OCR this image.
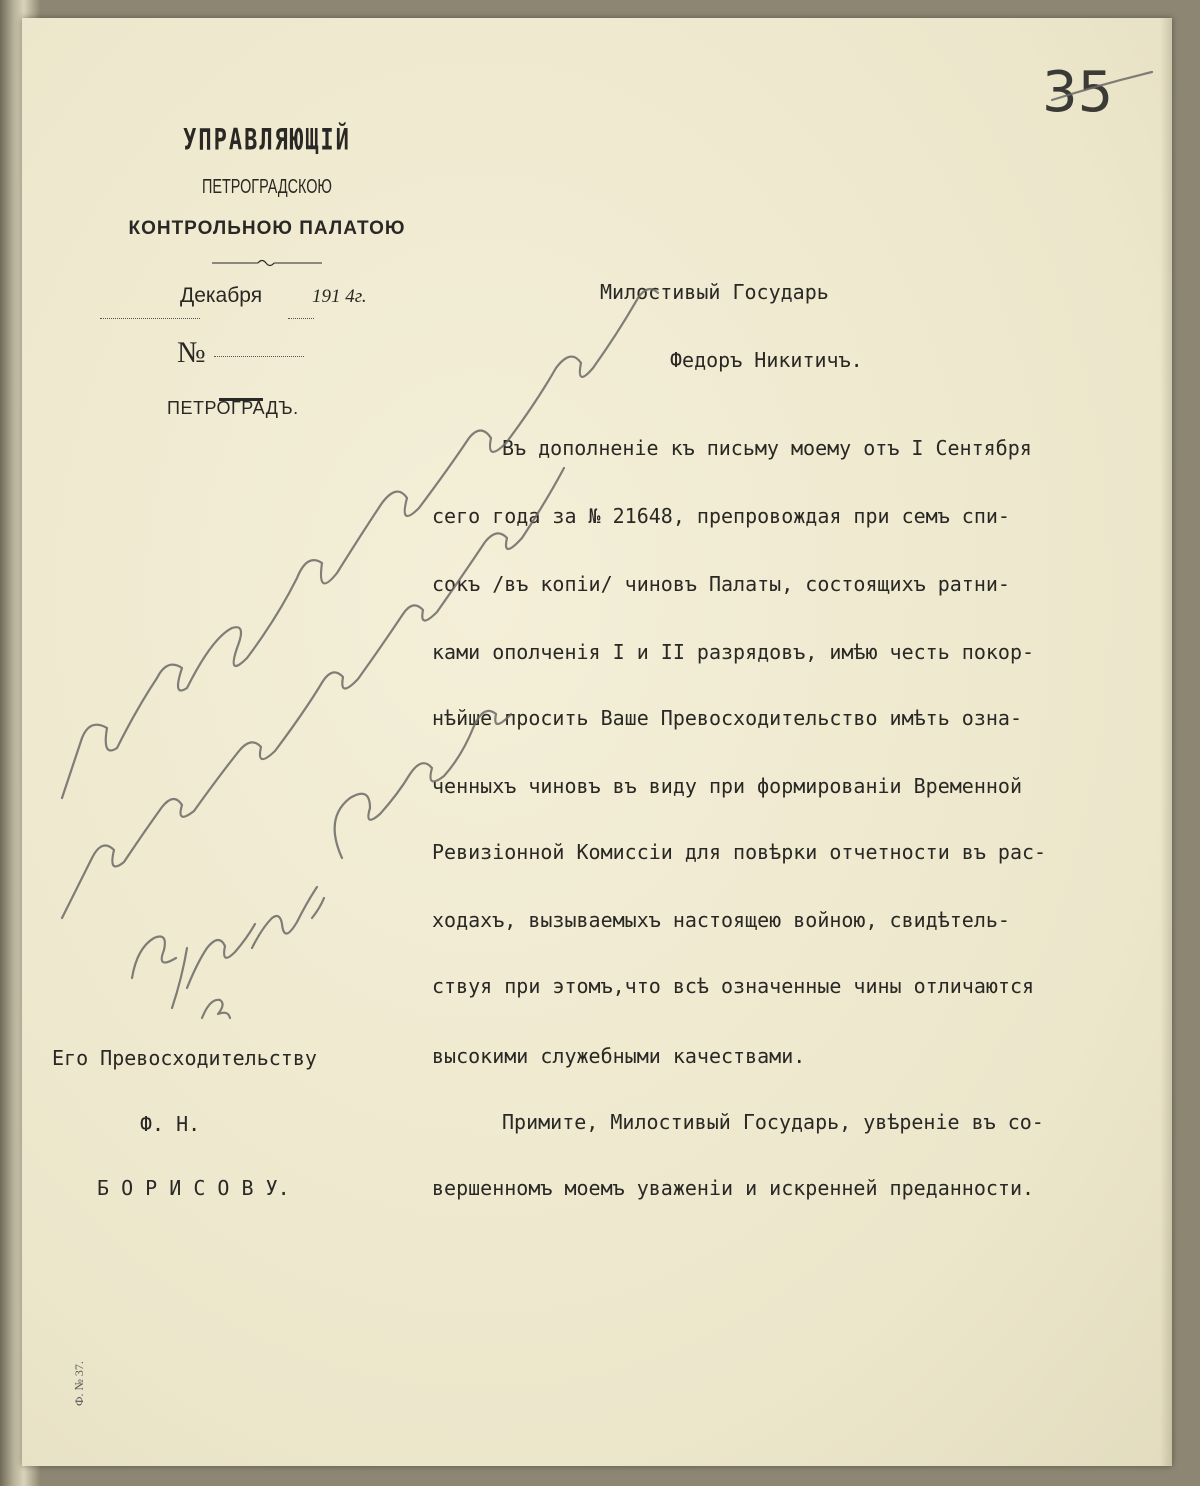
35
УПРАВЛЯЮЩІЙ
ПЕТРОГРАДСКОЮ
КОНТРОЛЬНОЮ ПАЛАТОЮ
Декабря	191 4г.
№
ПЕТРОГРАДЪ.
Милостивый Государь
Федоръ Никитичъ.
Въ дополненіе къ письму моему отъ I Сентября
сего года за № 21648, препровождая при семъ спи-
сокъ /въ копіи/ чиновъ Палаты, состоящихъ ратни-
ками ополченія I и II разрядовъ, имѣю честь покор-
нѣйше просить Ваше Превосходительство имѣть озна-
ченныхъ чиновъ въ виду при формированіи Временной
Ревизіонной Комиссіи для повѣрки отчетности въ рас-
ходахъ, вызываемыхъ настоящею войною, свидѣтель-
ствуя при этомъ,что всѣ означенные чины отличаются
высокими служебными качествами.
Примите, Милостивый Государь, увѣреніе въ со-
вершенномъ моемъ уваженіи и искренней преданности.
Его Превосходительству
Ф. Н.
Б О Р И С О В У.
Ф. № 37.
